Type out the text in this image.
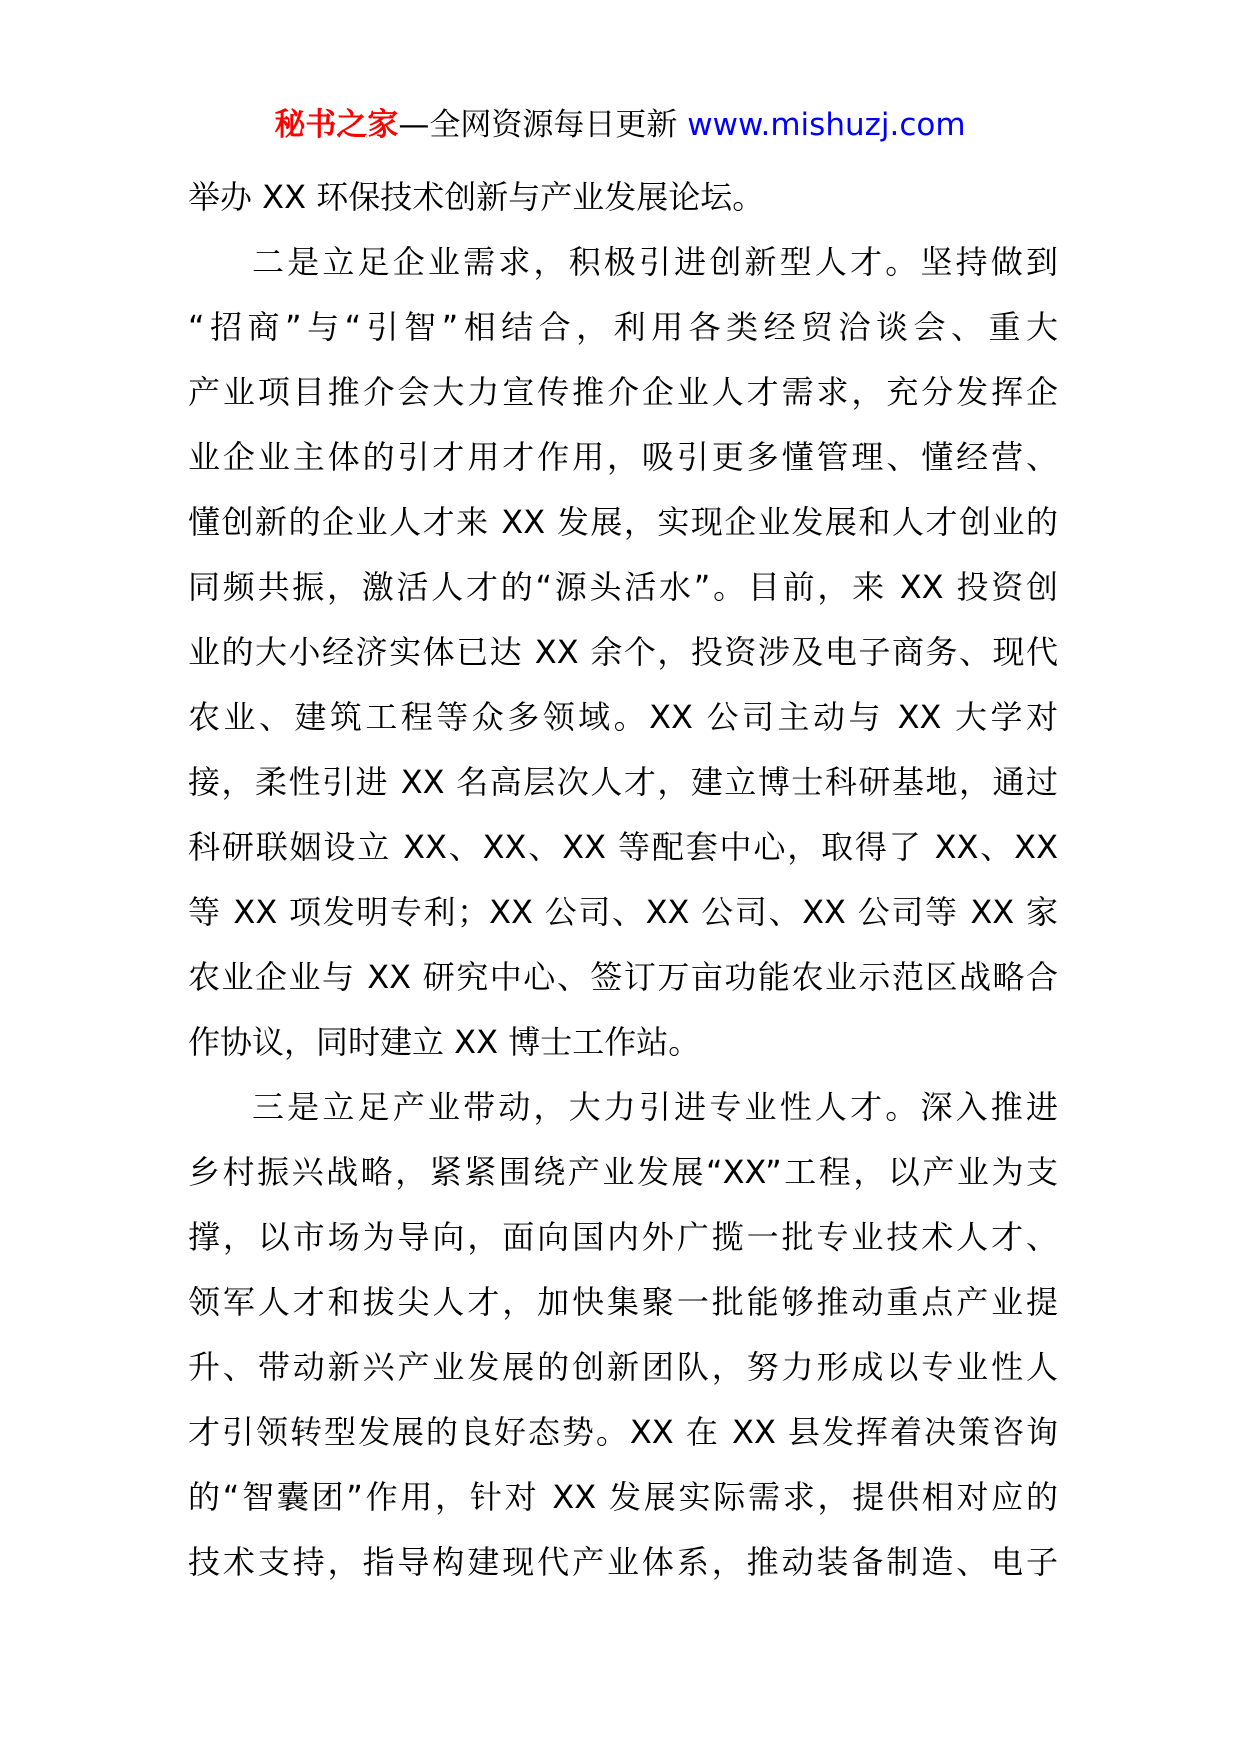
秘书之家—全网资源每日更新 www.mishuzj.com
举办 XX 环保技术创新与产业发展论坛。
二是立足企业需求，积极引进创新型人才。坚持做到
“招商”与“引智”相结合，利用各类经贸洽谈会、重大
产业项目推介会大力宣传推介企业人才需求，充分发挥企
业企业主体的引才用才作用，吸引更多懂管理、懂经营、
懂创新的企业人才来 XX 发展，实现企业发展和人才创业的
同频共振，激活人才的“源头活水”。目前，来 XX 投资创
业的大小经济实体已达 XX 余个，投资涉及电子商务、现代
农业、建筑工程等众多领域。XX 公司主动与 XX 大学对
接，柔性引进 XX 名高层次人才，建立博士科研基地，通过
科研联姻设立 XX、XX、XX 等配套中心，取得了 XX、XX
等 XX 项发明专利；XX 公司、XX 公司、XX 公司等 XX 家
农业企业与 XX 研究中心、签订万亩功能农业示范区战略合
作协议，同时建立 XX 博士工作站。
三是立足产业带动，大力引进专业性人才。深入推进
乡村振兴战略，紧紧围绕产业发展“XX”工程，以产业为支
撑，以市场为导向，面向国内外广揽一批专业技术人才、
领军人才和拔尖人才，加快集聚一批能够推动重点产业提
升、带动新兴产业发展的创新团队，努力形成以专业性人
才引领转型发展的良好态势。XX 在 XX 县发挥着决策咨询
的“智囊团”作用，针对 XX 发展实际需求，提供相对应的
技术支持，指导构建现代产业体系，推动装备制造、电子
